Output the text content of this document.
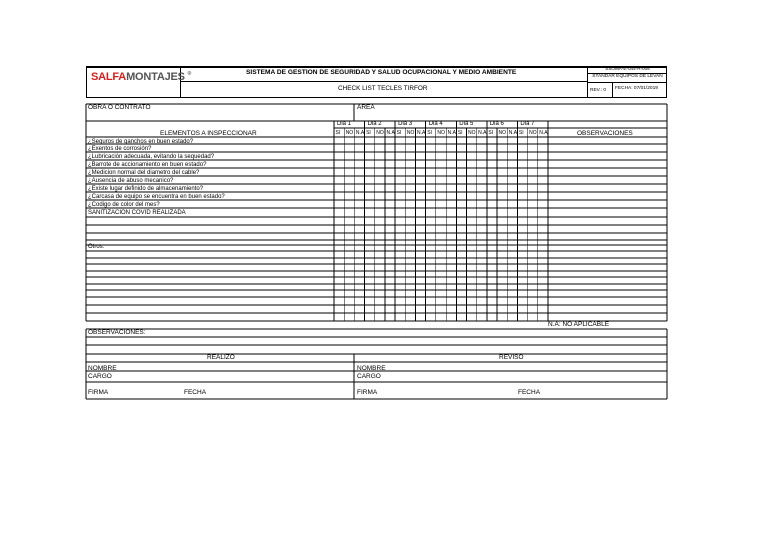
SALFAMONTAJES ®	SISTEMA DE GESTION DE SEGURIDAD Y SALUD OCUPACIONAL Y MEDIO AMBIENTE
CHECK LIST TECLES TIRFOR
SSOMA-E-044-R-005
STANDAR EQUIPOS DE LEVAN
REV.: 0 FECHA: 07/01/2019
OBRA O CONTRATO	AREA
ELEMENTOS A INSPECCIONAR	OBSERVACIONES
Dia 1	Dia 2	Dia 3	Dia 4	Dia 5	Dia 6	Dia 7
SI NO N.A SI NO N.A SI NO N.A SI NO N.A SI NO N.A SI NO N.A SI NO N.A
¿Seguros de ganchos en buen estado?
¿Exentos de corrosión?
¿Lubricación adecuada, evitando la sequedad?
¿Barrote de accionamiento en buen estado?
¿Medicion normal del diametro del cable?
¿Ausencia de abuso mecanico?
¿Existe lugar definido de almacenamiento?
¿Carcasa de equipo se encuentra en buen estado?
¿Codigo de color del mes?
SANITIZACION COVID REALIZADA
Otros:
N.A: NO APLICABLE
OBSERVACIONES:
REALIZO	REVISO
NOMBRE	NOMBRE
CARGO	CARGO
FIRMA	FECHA	FIRMA	FECHA
